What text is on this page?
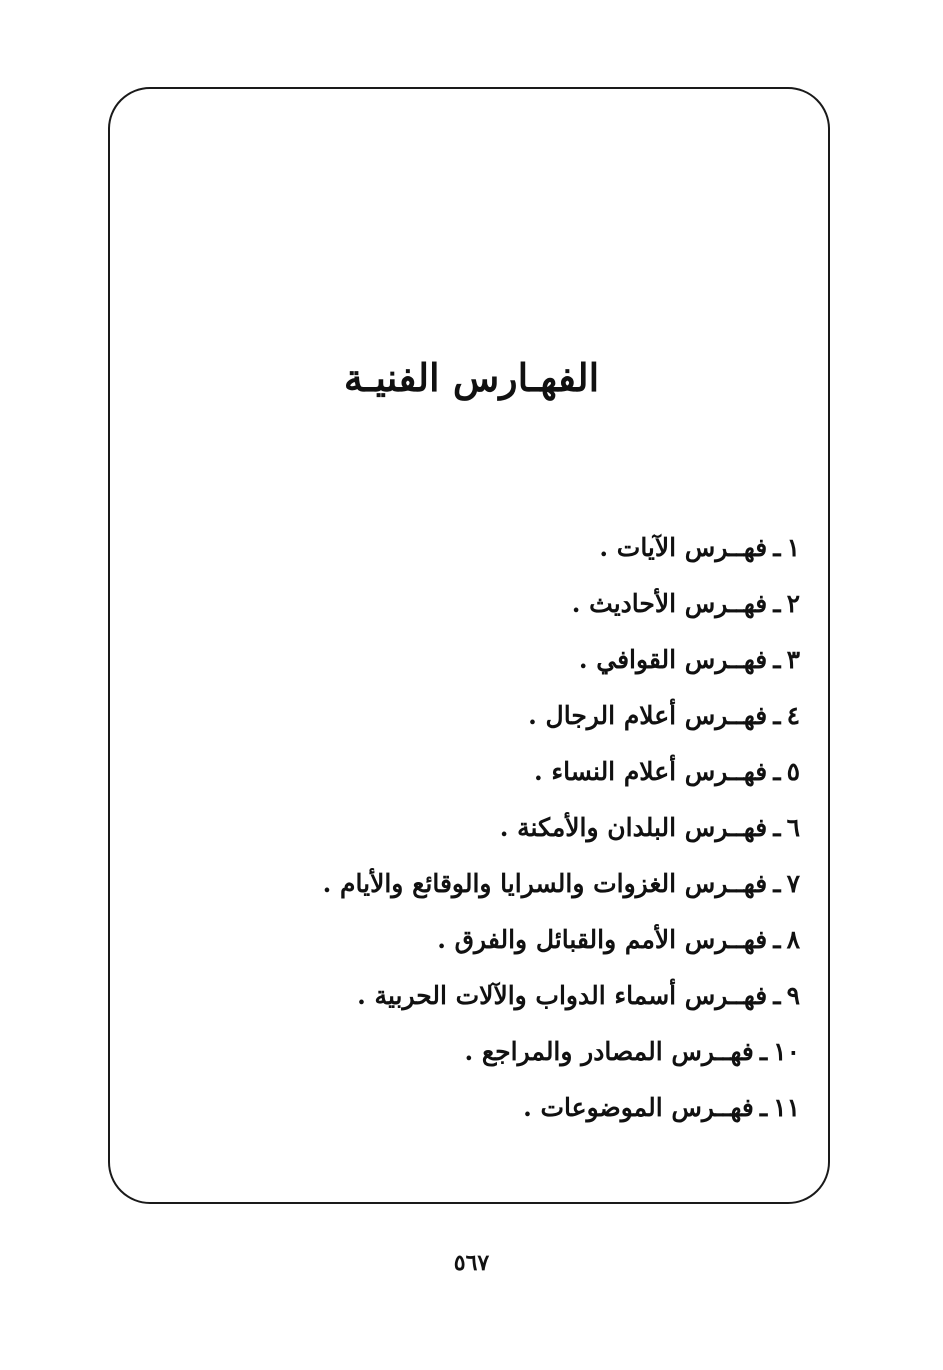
الفهـارس الفنيـة
١ـفهــرس الآيات .
٢ـفهــرس الأحاديث .
٣ـفهــرس القوافي .
٤ـفهــرس أعلام الرجال .
٥ـفهــرس أعلام النساء .
٦ـفهــرس البلدان والأمكنة .
٧ـفهــرس الغزوات والسرايا والوقائع والأيام .
٨ـفهــرس الأمم والقبائل والفرق .
٩ـفهــرس أسماء الدواب والآلات الحربية .
١٠ـفهــرس المصادر والمراجع .
١١ـفهــرس الموضوعات .
٥٦٧
